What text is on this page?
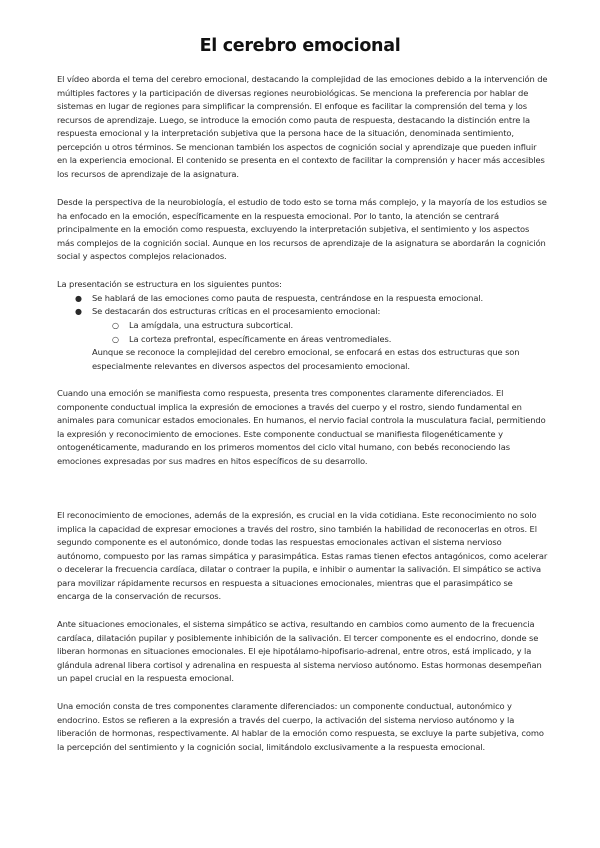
El cerebro emocional

El vídeo aborda el tema del cerebro emocional, destacando la complejidad de las emociones debido a la intervención de múltiples factores y la participación de diversas regiones neurobiológicas. Se menciona la preferencia por hablar de sistemas en lugar de regiones para simplificar la comprensión. El enfoque es facilitar la comprensión del tema y los recursos de aprendizaje. Luego, se introduce la emoción como pauta de respuesta, destacando la distinción entre la respuesta emocional y la interpretación subjetiva que la persona hace de la situación, denominada sentimiento, percepción u otros términos. Se mencionan también los aspectos de cognición social y aprendizaje que pueden influir en la experiencia emocional. El contenido se presenta en el contexto de facilitar la comprensión y hacer más accesibles los recursos de aprendizaje de la asignatura.

Desde la perspectiva de la neurobiología, el estudio de todo esto se torna más complejo, y la mayoría de los estudios se ha enfocado en la emoción, específicamente en la respuesta emocional. Por lo tanto, la atención se centrará principalmente en la emoción como respuesta, excluyendo la interpretación subjetiva, el sentimiento y los aspectos más complejos de la cognición social. Aunque en los recursos de aprendizaje de la asignatura se abordarán la cognición social y aspectos complejos relacionados.

La presentación se estructura en los siguientes puntos:

● Se hablará de las emociones como pauta de respuesta, centrándose en la respuesta emocional.

● Se destacarán dos estructuras críticas en el procesamiento emocional:

○ La amígdala, una estructura subcortical.

○ La corteza prefrontal, específicamente en áreas ventromediales.

Aunque se reconoce la complejidad del cerebro emocional, se enfocará en estas dos estructuras que son especialmente relevantes en diversos aspectos del procesamiento emocional.

Cuando una emoción se manifiesta como respuesta, presenta tres componentes claramente diferenciados. El componente conductual implica la expresión de emociones a través del cuerpo y el rostro, siendo fundamental en animales para comunicar estados emocionales. En humanos, el nervio facial controla la musculatura facial, permitiendo la expresión y reconocimiento de emociones. Este componente conductual se manifiesta filogenéticamente y ontogenéticamente, madurando en los primeros momentos del ciclo vital humano, con bebés reconociendo las emociones expresadas por sus madres en hitos específicos de su desarrollo.

El reconocimiento de emociones, además de la expresión, es crucial en la vida cotidiana. Este reconocimiento no solo implica la capacidad de expresar emociones a través del rostro, sino también la habilidad de reconocerlas en otros. El segundo componente es el autonómico, donde todas las respuestas emocionales activan el sistema nervioso autónomo, compuesto por las ramas simpática y parasimpática. Estas ramas tienen efectos antagónicos, como acelerar o decelerar la frecuencia cardíaca, dilatar o contraer la pupila, e inhibir o aumentar la salivación. El simpático se activa para movilizar rápidamente recursos en respuesta a situaciones emocionales, mientras que el parasimpático se encarga de la conservación de recursos.

Ante situaciones emocionales, el sistema simpático se activa, resultando en cambios como aumento de la frecuencia cardíaca, dilatación pupilar y posiblemente inhibición de la salivación. El tercer componente es el endocrino, donde se liberan hormonas en situaciones emocionales. El eje hipotálamo-hipofisario-adrenal, entre otros, está implicado, y la glándula adrenal libera cortisol y adrenalina en respuesta al sistema nervioso autónomo. Estas hormonas desempeñan un papel crucial en la respuesta emocional.

Una emoción consta de tres componentes claramente diferenciados: un componente conductual, autonómico y endocrino. Estos se refieren a la expresión a través del cuerpo, la activación del sistema nervioso autónomo y la liberación de hormonas, respectivamente. Al hablar de la emoción como respuesta, se excluye la parte subjetiva, como la percepción del sentimiento y la cognición social, limitándolo exclusivamente a la respuesta emocional.
